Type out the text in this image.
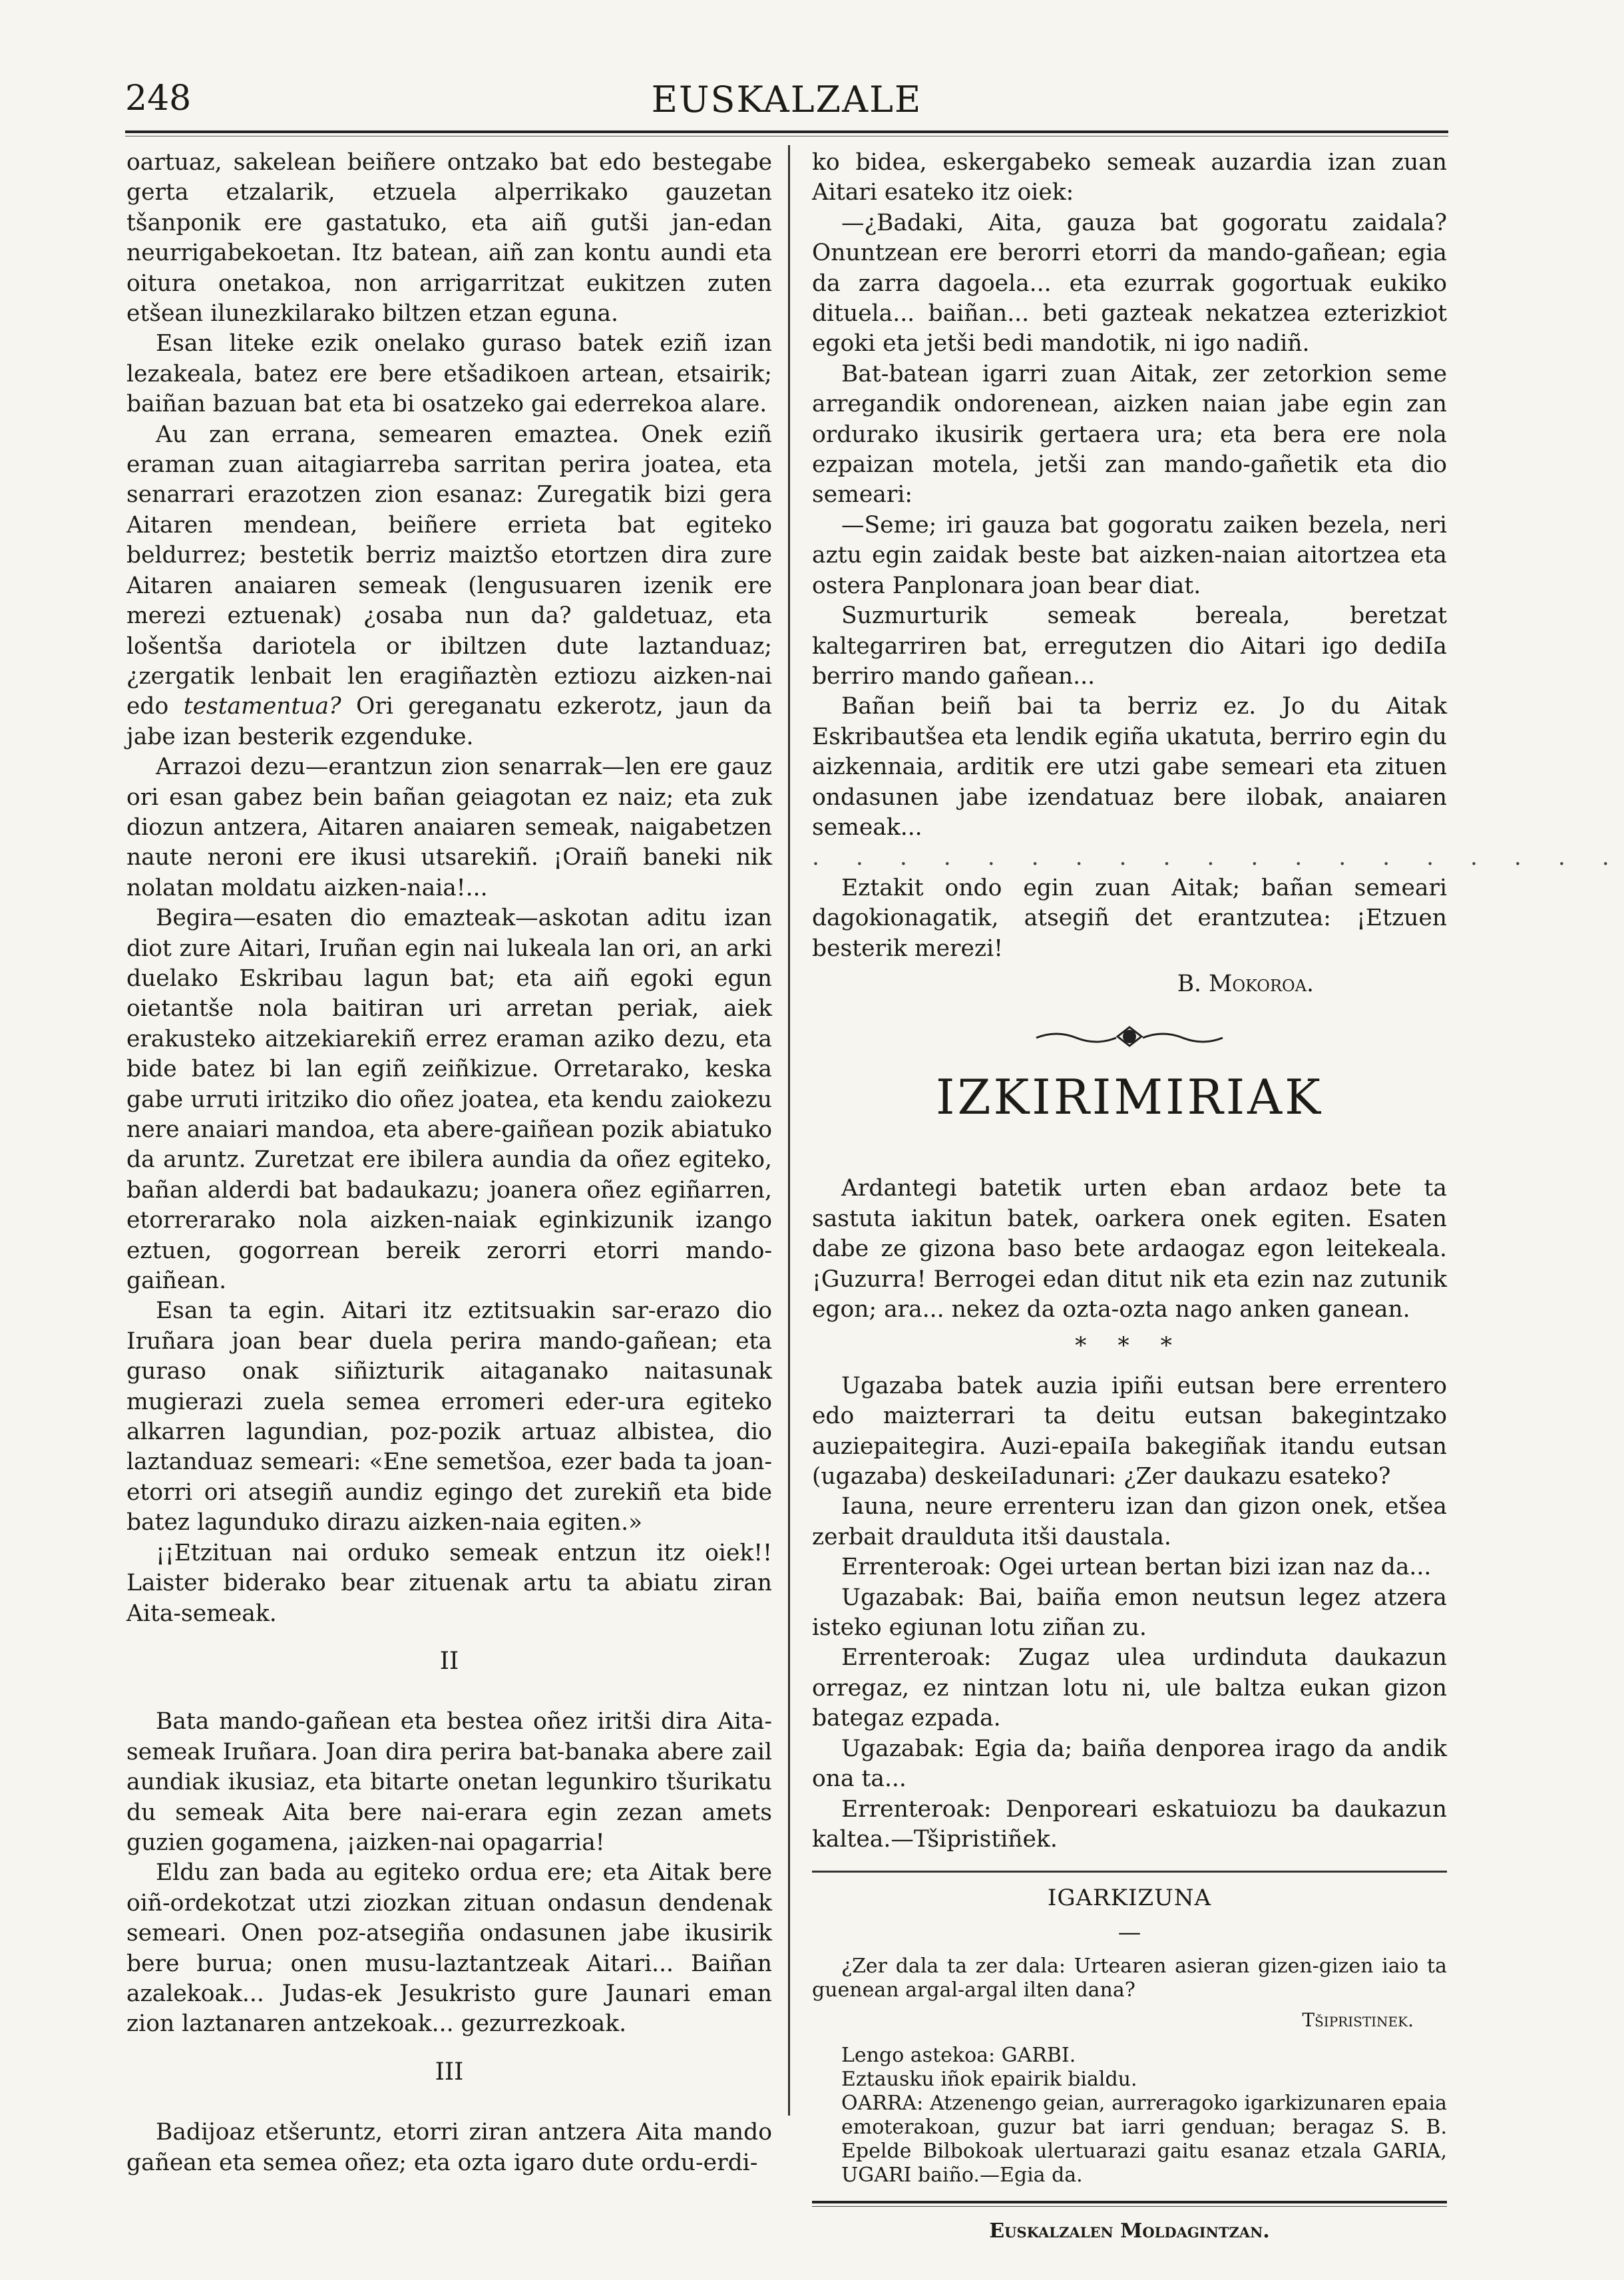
248	EUSKALZALE

oartuaz, sakelean beiñere ontzako bat edo bestegabe gerta etzalarik, etzuela alperrikako gauzetan tšanponik ere gastatuko, eta aiñ gutši jan-edan neurrigabekoetan. Itz batean, aiñ zan kontu aundi eta oitura onetakoa, non arrigarritzat eukitzen zuten etšean ilunezkilarako biltzen etzan eguna.

Esan liteke ezik onelako guraso batek eziñ izan lezakeala, batez ere bere etšadikoen artean, etsairik; baiñan bazuan bat eta bi osatzeko gai ederrekoa alare.

Au zan errana, semearen emaztea. Onek eziñ eraman zuan aitagiarreba sarritan perira joatea, eta senarrari erazotzen zion esanaz: Zuregatik bizi gera Aitaren mendean, beiñere errieta bat egiteko beldurrez; bestetik berriz maiztšo etortzen dira zure Aitaren anaiaren semeak (lengusuaren izenik ere merezi eztuenak) ¿osaba nun da? galdetuaz, eta lošentša dariotela or ibiltzen dute laztanduaz; ¿zergatik lenbait len eragiñaztèn eztiozu aizken-nai edo testamentua? Ori gereganatu ezkerotz, jaun da jabe izan besterik ezgenduke.

Arrazoi dezu—erantzun zion senarrak—len ere gauz ori esan gabez bein bañan geiagotan ez naiz; eta zuk diozun antzera, Aitaren anaiaren semeak, naigabetzen naute neroni ere ikusi utsarekiñ. ¡Oraiñ baneki nik nolatan moldatu aizken-naia!...

Begira—esaten dio emazteak—askotan aditu izan diot zure Aitari, Iruñan egin nai lukeala lan ori, an arki duelako Eskribau lagun bat; eta aiñ egoki egun oietantšе nola baitiran uri arretan periak, aiek erakusteko aitzekiarekiñ errez eraman aziko dezu, eta bide batez bi lan egiñ zeiñkizue. Orretarako, keska gabe urruti iritziko dio oñez joatea, eta kendu zaiokezu nere anaiari mandoa, eta abere-gaiñean pozik abiatuko da aruntz. Zuretzat ere ibilera aundia da oñez egiteko, bañan alderdi bat badaukazu; joanera oñez egiñarren, etorrerarako nola aizken-naiak eginkizunik izango eztuen, gogorrean bereik zerorri etorri mando-gaiñean.

Esan ta egin. Aitari itz eztitsuakin sar-erazo dio Iruñara joan bear duela perira mando-gañean; eta guraso onak siñizturik aitaganako naitasunak mugierazi zuela semea erromeri eder-ura egiteko alkarren lagundian, poz-pozik artuaz albistea, dio laztanduaz semeari: «Ene semetšoa, ezer bada ta joan-etorri ori atsegiñ aundiz egingo det zurekiñ eta bide batez lagunduko dirazu aizken-naia egiten.»

¡¡Etzituan nai orduko semeak entzun itz oiek!! Laister biderako bear zituenak artu ta abiatu ziran Aita-semeak.

II

Bata mando-gañean eta bestea oñez iritši dira Aita-semeak Iruñara. Joan dira perira bat-banaka abere zail aundiak ikusiaz, eta bitarte onetan legunkiro tšurikatu du semeak Aita bere nai-erara egin zezan amets guzien gogamena, ¡aizken-nai opagarria!

Eldu zan bada au egiteko ordua ere; eta Aitak bere oiñ-ordekotzat utzi ziozkan zituan ondasun dendenak semeari. Onen poz-atsegiña ondasunen jabe ikusirik bere burua; onen musu-laztantzeak Aitari... Baiñan azalekoak... Judas-ek Jesukristo gure Jaunari eman zion laztanaren antzekoak... gezurrezkoak.

III

Badijoaz etšeruntz, etorri ziran antzera Aita mando gañean eta semea oñez; eta ozta igaro dute ordu-erdi-

ko bidea, eskergabeko semeak auzardia izan zuan Aitari esateko itz oiek:

—¿Badaki, Aita, gauza bat gogoratu zaidala? Onuntzean ere berorri etorri da mando-gañean; egia da zarra dagoela... eta ezurrak gogortuak eukiko dituela... baiñan... beti gazteak nekatzea ezterizkiot egoki eta jetši bedi mandotik, ni igo nadiñ.

Bat-batean igarri zuan Aitak, zer zetorkion seme arregandik ondorenean, aizken naian jabe egin zan ordurako ikusirik gertaera ura; eta bera ere nola ezpaizan motela, jetši zan mando-gañetik eta dio semeari:

—Seme; iri gauza bat gogoratu zaiken bezela, neri aztu egin zaidak beste bat aizken-naian aitortzea eta ostera Panplonara joan bear diat.

Suzmurturik semeak bereala, beretzat kaltegarriren bat, erregutzen dio Aitari igo dediIa berriro mando gañean...

Bañan beiñ bai ta berriz ez. Jo du Aitak Eskribautšea eta lendik egiña ukatuta, berriro egin du aizkennaia, arditik ere utzi gabe semeari eta zituen ondasunen jabe izendatuaz bere ilobak, anaiaren semeak...

. . . . . . . . . . . . . . . . . . .

Eztakit ondo egin zuan Aitak; bañan semeari dagokionagatik, atsegiñ det erantzutea: ¡Etzuen besterik merezi!

B. Mokoroa.

IZKIRIMIRIAK

Ardantegi batetik urten eban ardaoz bete ta sastuta iakitun batek, oarkera onek egiten. Esaten dabe ze gizona baso bete ardaogaz egon leitekeala. ¡Guzurra! Berrogei edan ditut nik eta ezin naz zutunik egon; ara... nekez da ozta-ozta nago anken ganean.

* * *

Ugazaba batek auzia ipiñi eutsan bere errentero edo maizterrari ta deitu eutsan bakegintzako auziepaitegira. Auzi-epaiIa bakegiñak itandu eutsan (ugazaba) deskeiIadunari: ¿Zer daukazu esateko?

Iauna, neure errenteru izan dan gizon onek, etšea zerbait draulduta itši daustala.

Errenteroak: Ogei urtean bertan bizi izan naz da...

Ugazabak: Bai, baiña emon neutsun legez atzera isteko egiunan lotu ziñan zu.

Errenteroak: Zugaz ulea urdinduta daukazun orregaz, ez nintzan lotu ni, ule baltza eukan gizon bategaz ezpada.

Ugazabak: Egia da; baiña denporea irago da andik ona ta...

Errenteroak: Denporeari eskatuiozu ba daukazun kaltea.—Tšipristiñek.

IGARKIZUNA

—

¿Zer dala ta zer dala: Urtearen asieran gizen-gizen iaio ta guenean argal-argal ilten dana?

Tšipristinek.

Lengo astekoa: GARBI.

Eztausku iñok epairik bialdu.

OARRA: Atzenengo geian, aurreragoko igarkizunaren epaia emoterakoan, guzur bat iarri genduan; beragaz S. B. Epelde Bilbokoak ulertuarazi gaitu esanaz etzala GARIA, UGARI baiño.—Egia da.

Euskalzalen Moldagintzan.
